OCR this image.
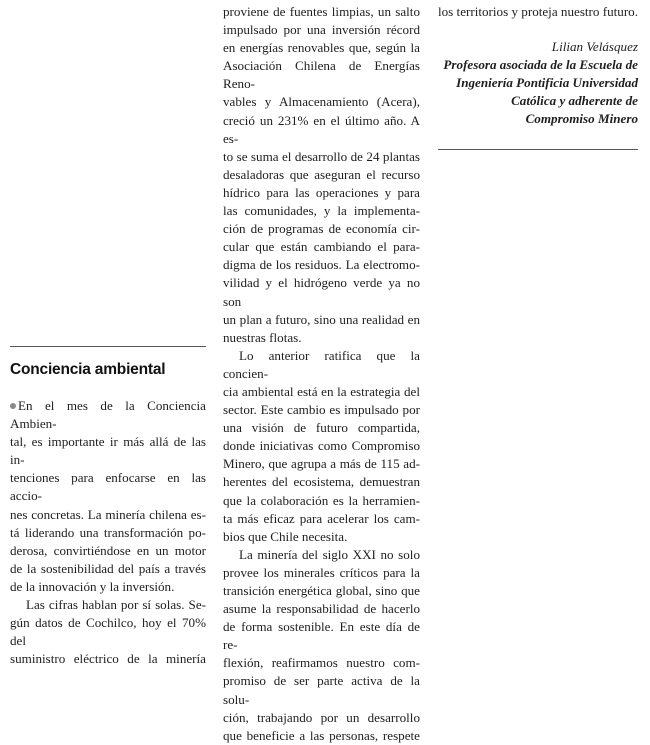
Conciencia ambiental

En el mes de la Conciencia Ambien-

tal, es importante ir más allá de las in-

tenciones para enfocarse en las accio-

nes concretas. La minería chilena es-

tá liderando una transformación po-

derosa, convirtiéndose en un motor

de la sostenibilidad del país a través

de la innovación y la inversión.

Las cifras hablan por sí solas. Se-

gún datos de Cochilco, hoy el 70% del

suministro eléctrico de la minería

proviene de fuentes limpias, un salto

impulsado por una inversión récord

en energías renovables que, según la

Asociación Chilena de Energías Reno-

vables y Almacenamiento (Acera),

creció un 231% en el último año. A es-

to se suma el desarrollo de 24 plantas

desaladoras que aseguran el recurso

hídrico para las operaciones y para

las comunidades, y la implementa-

ción de programas de economía cir-

cular que están cambiando el para-

digma de los residuos. La electromo-

vilidad y el hidrógeno verde ya no son

un plan a futuro, sino una realidad en

nuestras flotas.

Lo anterior ratifica que la concien-

cia ambiental está en la estrategia del

sector. Este cambio es impulsado por

una visión de futuro compartida,

donde iniciativas como Compromiso

Minero, que agrupa a más de 115 ad-

herentes del ecosistema, demuestran

que la colaboración es la herramien-

ta más eficaz para acelerar los cam-

bios que Chile necesita.

La minería del siglo XXI no solo

provee los minerales críticos para la

transición energética global, sino que

asume la responsabilidad de hacerlo

de forma sostenible. En este día de re-

flexión, reafirmamos nuestro com-

promiso de ser parte activa de la solu-

ción, trabajando por un desarrollo

que beneficie a las personas, respete

los territorios y proteja nuestro futuro.

Lilian Velásquez

Profesora asociada de la Escuela de

Ingeniería Pontificia Universidad

Católica y adherente de

Compromiso Minero
